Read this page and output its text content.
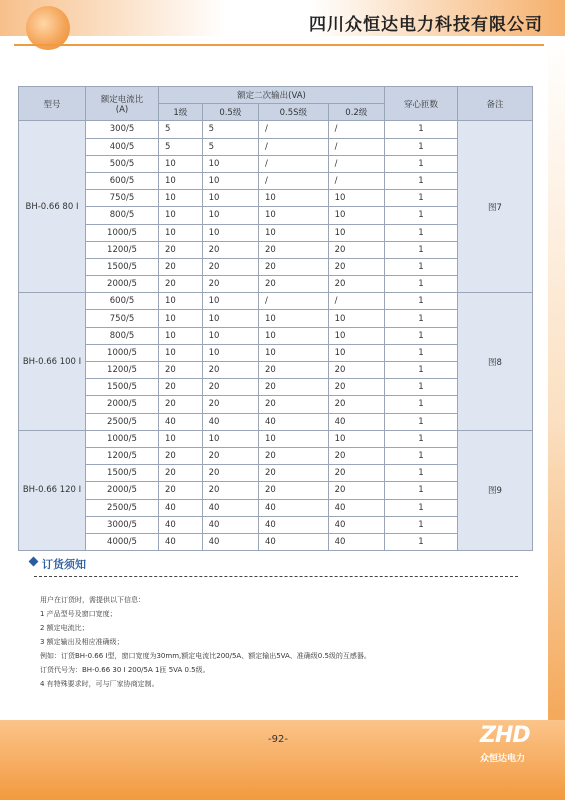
四川众恒达电力科技有限公司
型号	额定电流比
(A)	额定二次输出(VA)				穿心匝数	备注
		1级	0.5级	0.5S级	0.2级		
BH-0.66 80 I	300/5	5	5	/	/	1	图7
	400/5	5	5	/	/	1	
	500/5	10	10	/	/	1	
	600/5	10	10	/	/	1	
	750/5	10	10	10	10	1	
	800/5	10	10	10	10	1	
	1000/5	10	10	10	10	1	
	1200/5	20	20	20	20	1	
	1500/5	20	20	20	20	1	
	2000/5	20	20	20	20	1	
BH-0.66 100 I	600/5	10	10	/	/	1	图8
	750/5	10	10	10	10	1	
	800/5	10	10	10	10	1	
	1000/5	10	10	10	10	1	
	1200/5	20	20	20	20	1	
	1500/5	20	20	20	20	1	
	2000/5	20	20	20	20	1	
	2500/5	40	40	40	40	1	
BH-0.66 120 I	1000/5	10	10	10	10	1	图9
	1200/5	20	20	20	20	1	
	1500/5	20	20	20	20	1	
	2000/5	20	20	20	20	1	
	2500/5	40	40	40	40	1	
	3000/5	40	40	40	40	1	
	4000/5	40	40	40	40	1	
订货须知
用户在订货时，需提供以下信息：
1 产品型号及窗口宽度；
2 额定电流比；
3 额定输出及相应准确级；
例如：订货BH-0.66 I型，窗口宽度为30mm,额定电流比200/5A、额定输出5VA、准确级0.5级的互感器。
订货代号为：BH-0.66 30 I 200/5A 1匝 5VA 0.5级。
4 有特殊要求时，可与厂家协商定制。
-92-	ZHD
众恒达电力
